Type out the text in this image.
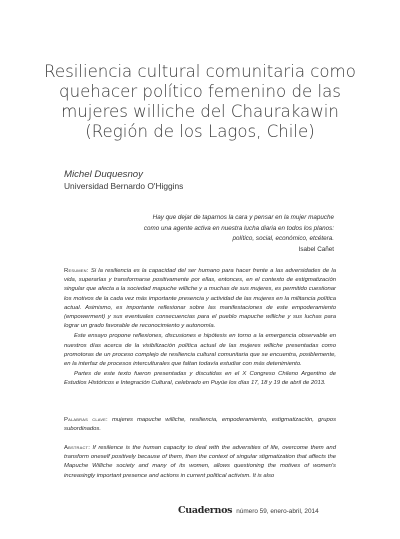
Resiliencia cultural comunitaria como quehacer político femenino de las mujeres williche del Chaurakawin (Región de los Lagos, Chile)
Michel Duquesnoy
Universidad Bernardo O'Higgins
Hay que dejar de taparnos la cara y pensar en la mujer mapuche
como una agente activa en nuestra lucha diaria en todos los planos:
político, social, económico, etcétera.
Isabel Cañet

Resumen: Si la resiliencia es la capacidad del ser humano para hacer frente a las adversidades de la vida, superarlas y transformarse positivamente por ellas, entonces, en el contexto de estigmatización singular que afecta a la sociedad mapuche williche y a muchas de sus mujeres, es permitido cuestionar los motivos de la cada vez más importante presencia y actividad de las mujeres en la militancia política actual. Asimismo, es importante reflexionar sobre las manifestaciones de este empoderamiento (empowerment) y sus eventuales consecuencias para el pueblo mapuche williche y sus luchas para lograr un grado favorable de reconocimiento y autonomía.

Este ensayo propone reflexiones, discusiones e hipótesis en torno a la emergencia observable en nuestros días acerca de la visibilización política actual de las mujeres williche presentadas como promotoras de un proceso complejo de resiliencia cultural comunitaria que se encuentra, posiblemente, en la interfaz de procesos interculturales que faltan todavía estudiar con más detenimiento.

Partes de este texto fueron presentadas y discutidas en el X Congreso Chileno Argentino de Estudios Históricos e Integración Cultural, celebrado en Puyúe los días 17, 18 y 19 de abril de 2013.

Palabras clave: mujeres mapuche williche, resiliencia, empoderamiento, estigmatización, grupos subordinados.
Abstract: If resilience is the human capacity to deal with the adversities of life, overcome them and transform oneself positively because of them, then the context of singular stigmatization that affects the Mapuche Williche society and many of its women, allows questioning the motives of women's increasingly important presence and actions in current political activism. It is also
Cuadernos número 59, enero-abril, 2014
